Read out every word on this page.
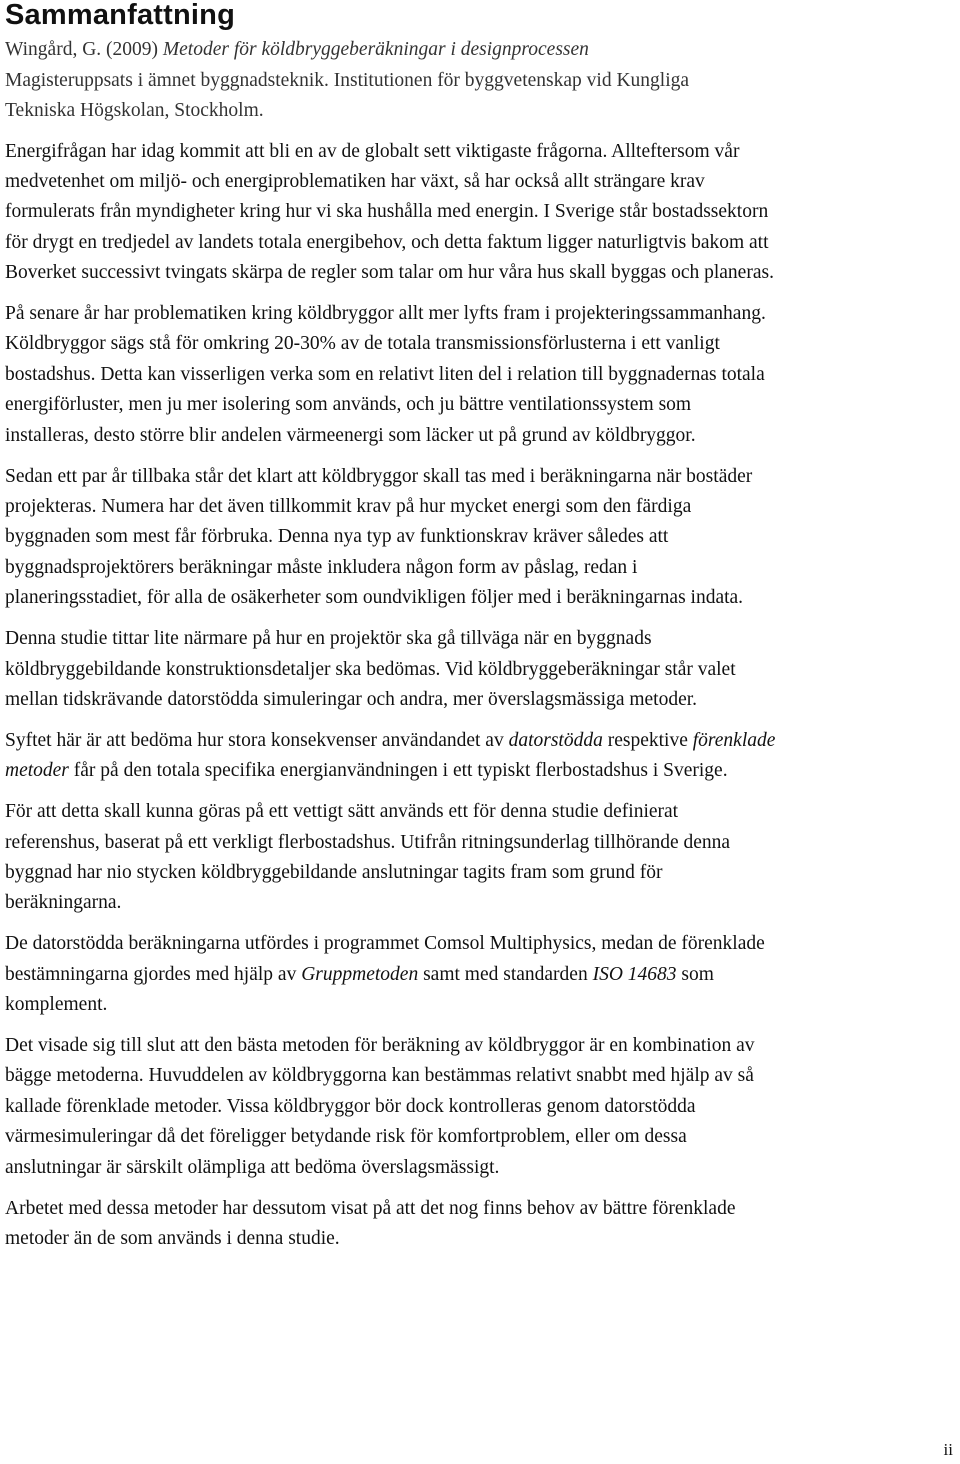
Sammanfattning
Wingård, G. (2009) Metoder för köldbryggeberäkningar i designprocessen
Magisteruppsats i ämnet byggnadsteknik. Institutionen för byggvetenskap vid Kungliga
Tekniska Högskolan, Stockholm.
Energifrågan har idag kommit att bli en av de globalt sett viktigaste frågorna. Allteftersom vår
medvetenhet om miljö- och energiproblematiken har växt, så har också allt strängare krav
formulerats från myndigheter kring hur vi ska hushålla med energin. I Sverige står bostadssektorn
för drygt en tredjedel av landets totala energibehov, och detta faktum ligger naturligtvis bakom att
Boverket successivt tvingats skärpa de regler som talar om hur våra hus skall byggas och planeras.
På senare år har problematiken kring köldbryggor allt mer lyfts fram i projekteringssammanhang.
Köldbryggor sägs stå för omkring 20-30% av de totala transmissionsförlusterna i ett vanligt
bostadshus. Detta kan visserligen verka som en relativt liten del i relation till byggnadernas totala
energiförluster, men ju mer isolering som används, och ju bättre ventilationssystem som
installeras, desto större blir andelen värmeenergi som läcker ut på grund av köldbryggor.
Sedan ett par år tillbaka står det klart att köldbryggor skall tas med i beräkningarna när bostäder
projekteras. Numera har det även tillkommit krav på hur mycket energi som den färdiga
byggnaden som mest får förbruka. Denna nya typ av funktionskrav kräver således att
byggnadsprojektörers beräkningar måste inkludera någon form av påslag, redan i
planeringsstadiet, för alla de osäkerheter som oundvikligen följer med i beräkningarnas indata.
Denna studie tittar lite närmare på hur en projektör ska gå tillväga när en byggnads
köldbryggebildande konstruktionsdetaljer ska bedömas. Vid köldbryggeberäkningar står valet
mellan tidskrävande datorstödda simuleringar och andra, mer överslagsmässiga metoder.
Syftet här är att bedöma hur stora konsekvenser användandet av datorstödda respektive förenklade
metoder får på den totala specifika energianvändningen i ett typiskt flerbostadshus i Sverige.
För att detta skall kunna göras på ett vettigt sätt används ett för denna studie definierat
referenshus, baserat på ett verkligt flerbostadshus. Utifrån ritningsunderlag tillhörande denna
byggnad har nio stycken köldbryggebildande anslutningar tagits fram som grund för
beräkningarna.
De datorstödda beräkningarna utfördes i programmet Comsol Multiphysics, medan de förenklade
bestämningarna gjordes med hjälp av Gruppmetoden samt med standarden ISO 14683 som
komplement.
Det visade sig till slut att den bästa metoden för beräkning av köldbryggor är en kombination av
bägge metoderna. Huvuddelen av köldbryggorna kan bestämmas relativt snabbt med hjälp av så
kallade förenklade metoder. Vissa köldbryggor bör dock kontrolleras genom datorstödda
värmesimuleringar då det föreligger betydande risk för komfortproblem, eller om dessa
anslutningar är särskilt olämpliga att bedöma överslagsmässigt.
Arbetet med dessa metoder har dessutom visat på att det nog finns behov av bättre förenklade
metoder än de som används i denna studie.
ii
